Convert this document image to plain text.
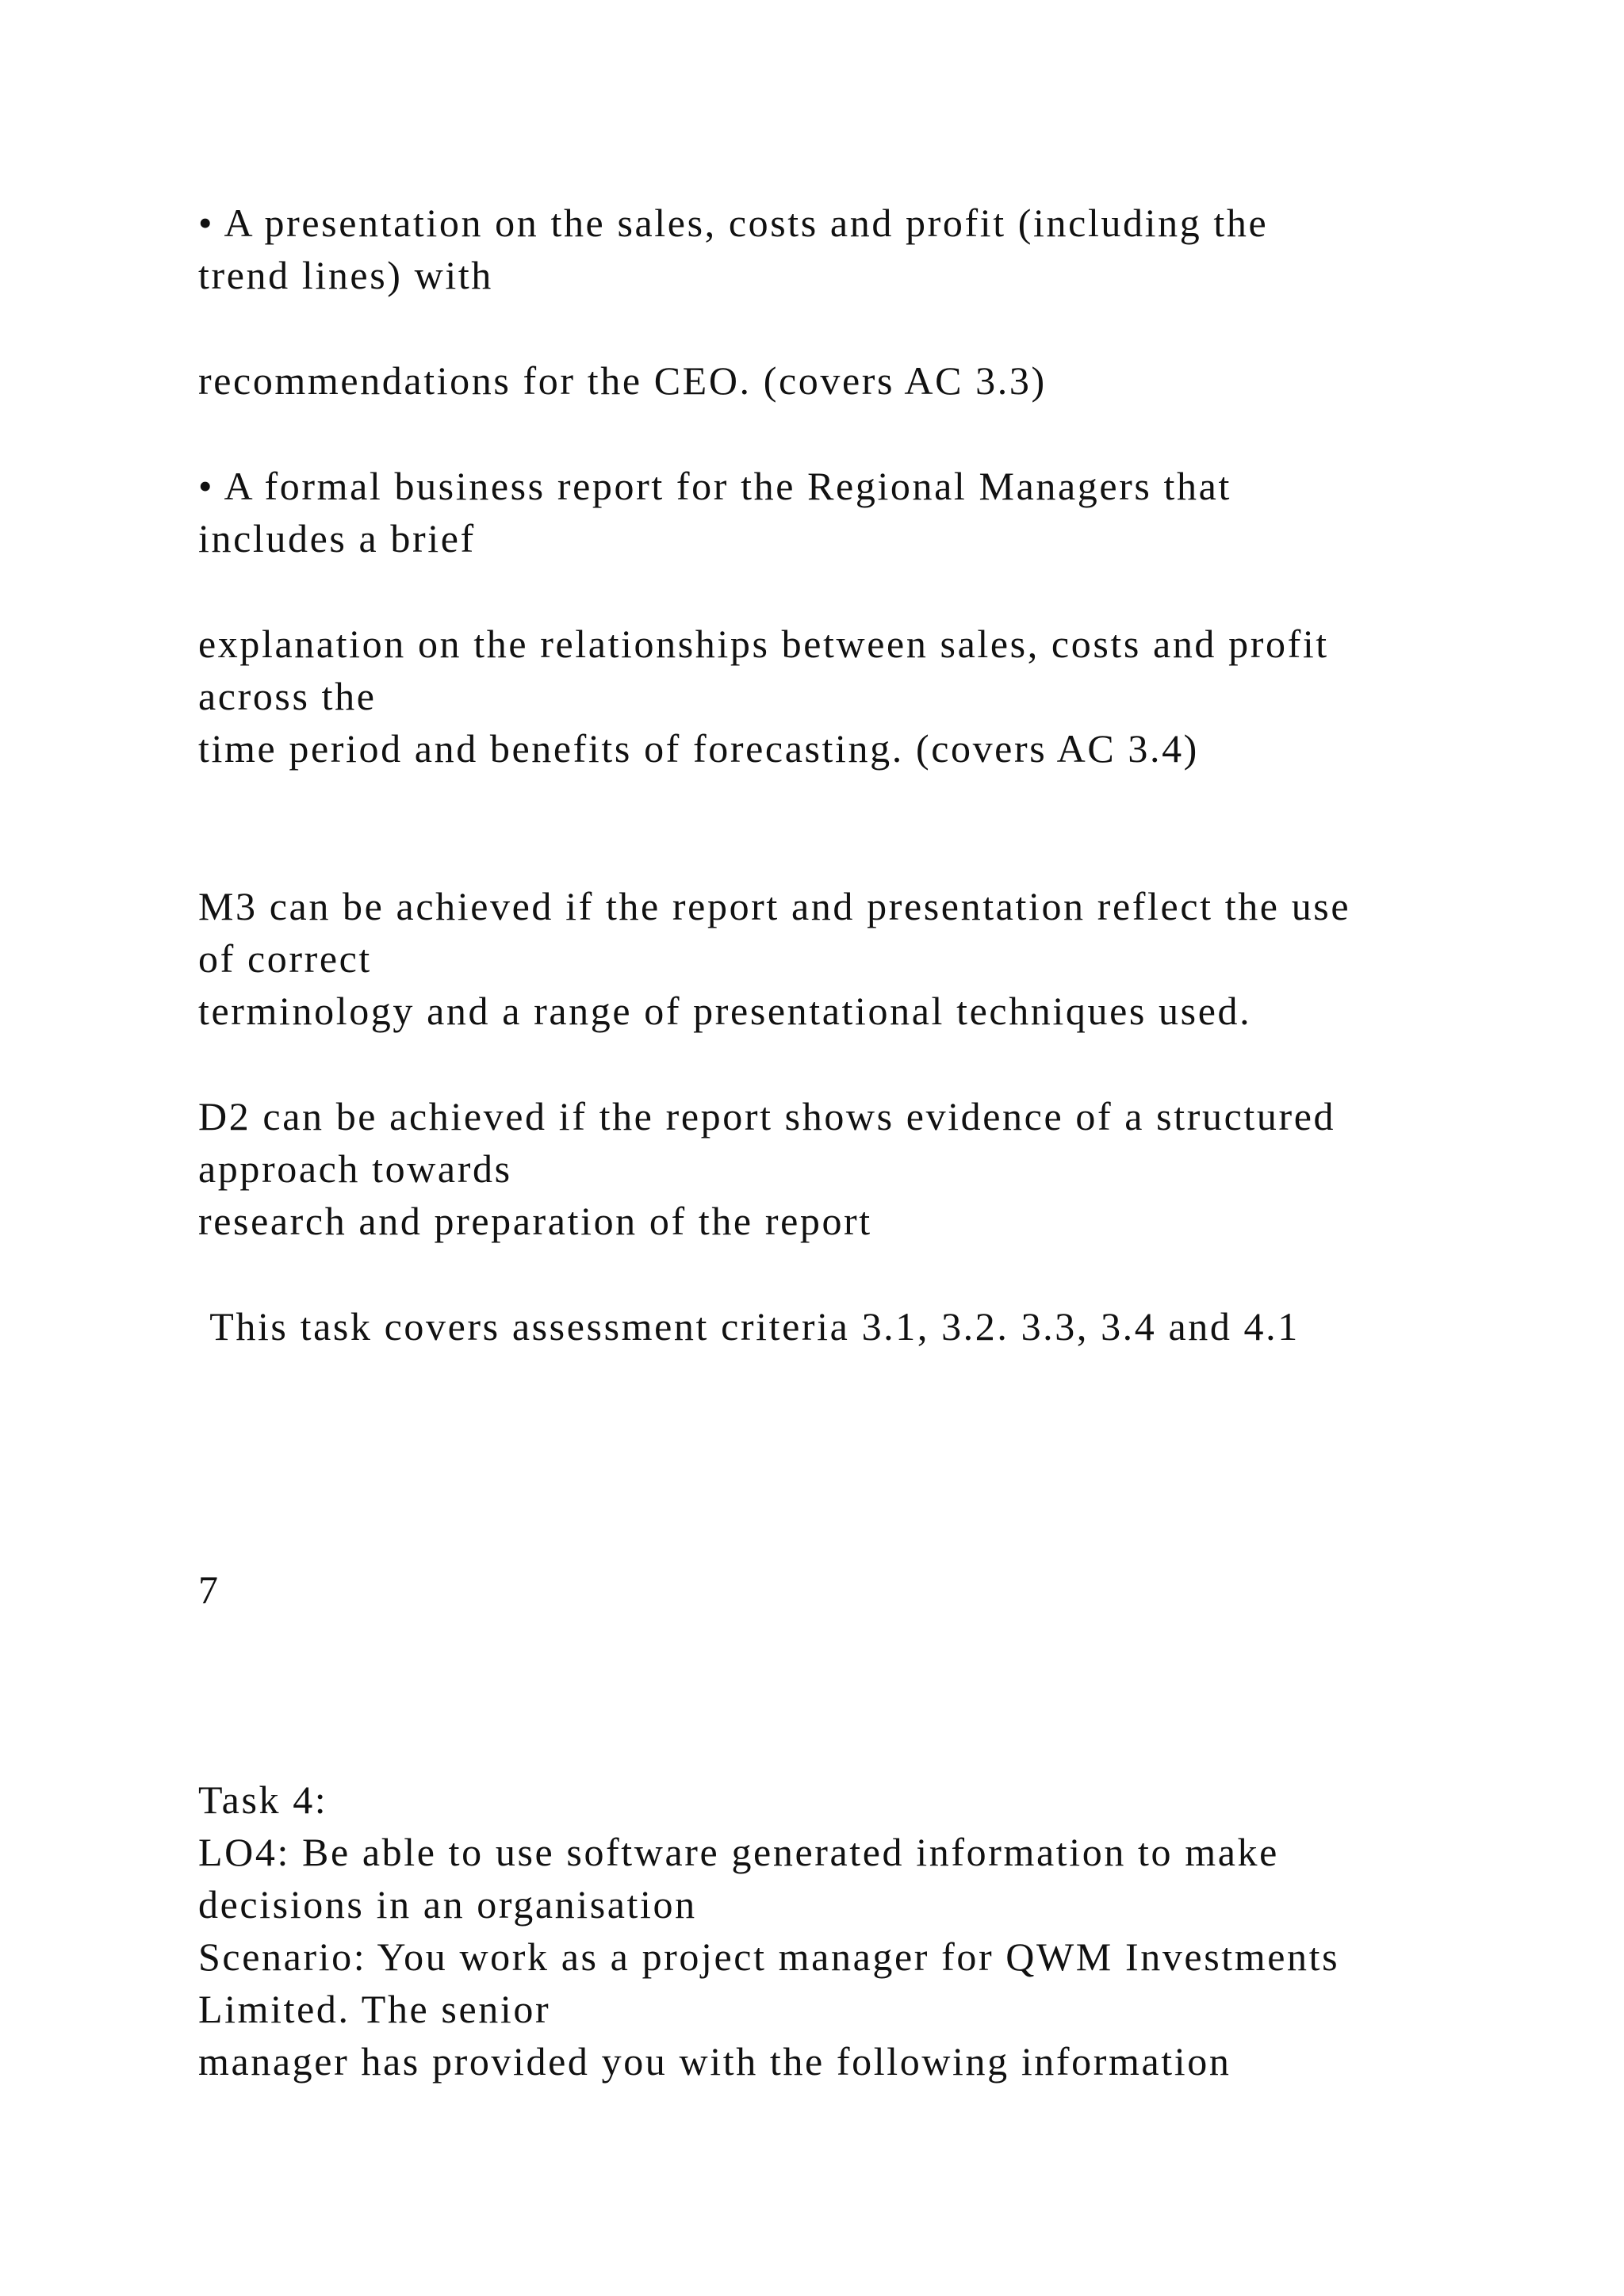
• A presentation on the sales, costs and profit (including the
trend lines) with
recommendations for the CEO. (covers AC 3.3)
• A formal business report for the Regional Managers that
includes a brief
explanation on the relationships between sales, costs and profit
across the
time period and benefits of forecasting. (covers AC 3.4)
M3 can be achieved if the report and presentation reflect the use
of correct
terminology and a range of presentational techniques used.
D2 can be achieved if the report shows evidence of a structured
approach towards
research and preparation of the report
This task covers assessment criteria 3.1, 3.2. 3.3, 3.4 and 4.1
7
Task 4:
LO4: Be able to use software generated information to make
decisions in an organisation
Scenario: You work as a project manager for QWM Investments
Limited. The senior
manager has provided you with the following information
